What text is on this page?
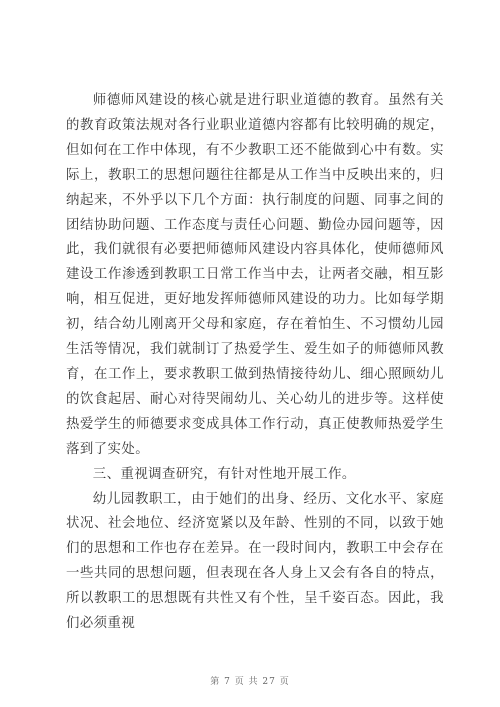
师德师风建设的核心就是进行职业道德的教育。虽然有关的教育政策法规对各行业职业道德内容都有比较明确的规定，但如何在工作中体现，有不少教职工还不能做到心中有数。实际上，教职工的思想问题往往都是从工作当中反映出来的，归纳起来，不外乎以下几个方面：执行制度的问题、同事之间的团结协助问题、工作态度与责任心问题、勤俭办园问题等，因此，我们就很有必要把师德师风建设内容具体化，使师德师风建设工作渗透到教职工日常工作当中去，让两者交融，相互影响，相互促进，更好地发挥师德师风建设的功力。比如每学期初，结合幼儿刚离开父母和家庭，存在着怕生、不习惯幼儿园生活等情况，我们就制订了热爱学生、爱生如子的师德师风教育，在工作上，要求教职工做到热情接待幼儿、细心照顾幼儿的饮食起居、耐心对待哭闹幼儿、关心幼儿的进步等。这样使热爱学生的师德要求变成具体工作行动，真正使教师热爱学生落到了实处。

三、重视调查研究，有针对性地开展工作。

幼儿园教职工，由于她们的出身、经历、文化水平、家庭状况、社会地位、经济宽紧以及年龄、性别的不同，以致于她们的思想和工作也存在差异。在一段时间内，教职工中会存在一些共同的思想问题，但表现在各人身上又会有各自的特点，所以教职工的思想既有共性又有个性，呈千姿百态。因此，我们必须重视

第 7 页 共 27 页
